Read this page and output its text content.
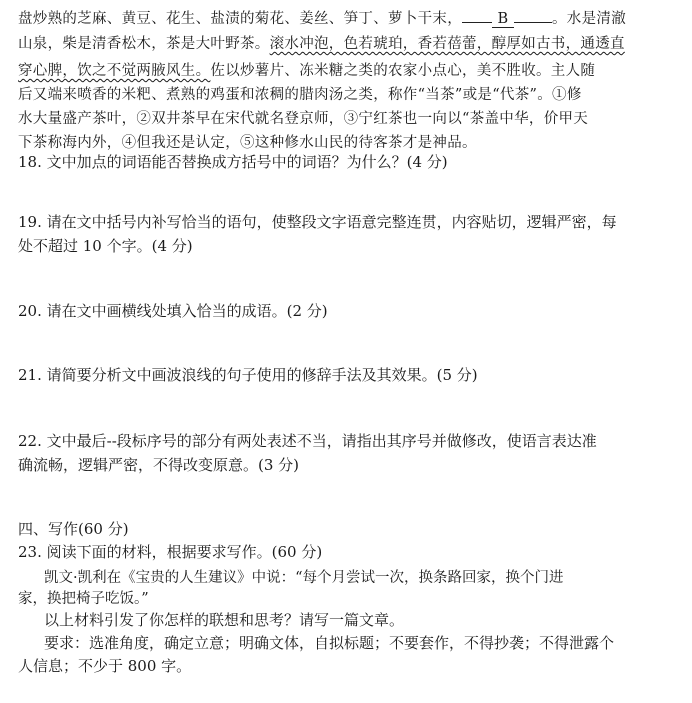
盘炒熟的芝麻、黄豆、花生、盐渍的菊花、姜丝、笋丁、萝卜干末， B	。水是清澈
山泉，柴是清香松木，茶是大叶野茶。滚水冲泡，色若琥珀，香若蓓蕾，醇厚如古书，通透直
穿心脾，饮之不觉两腋风生。佐以炒薯片、冻米糖之类的农家小点心，美不胜收。主人随
后又端来喷香的米粑、煮熟的鸡蛋和浓稠的腊肉汤之类，称作“当茶”或是“代茶”。①修
水大量盛产茶叶，②双井茶早在宋代就名登京师，③宁红茶也一向以“茶盖中华，价甲天
下茶称海内外，④但我还是认定，⑤这种修水山民的待客茶才是神品。
18. 文中加点的词语能否替换成方括号中的词语？为什么？(4 分)
19. 请在文中括号内补写恰当的语句，使整段文字语意完整连贯，内容贴切，逻辑严密，每
处不超过 10 个字。(4 分)
20. 请在文中画横线处填入恰当的成语。(2 分)
21. 请简要分析文中画波浪线的句子使用的修辞手法及其效果。(5 分)
22. 文中最后--段标序号的部分有两处表述不当，请指出其序号并做修改，使语言表达准
确流畅，逻辑严密，不得改变原意。(3 分)
四、写作(60 分)
23. 阅读下面的材料，根据要求写作。(60 分)
凯文·凯利在《宝贵的人生建议》中说：“每个月尝试一次，换条路回家，换个门进
家，换把椅子吃饭。”
以上材料引发了你怎样的联想和思考？请写一篇文章。
要求：选准角度，确定立意；明确文体，自拟标题；不要套作，不得抄袭；不得泄露个
人信息；不少于 800 字。
